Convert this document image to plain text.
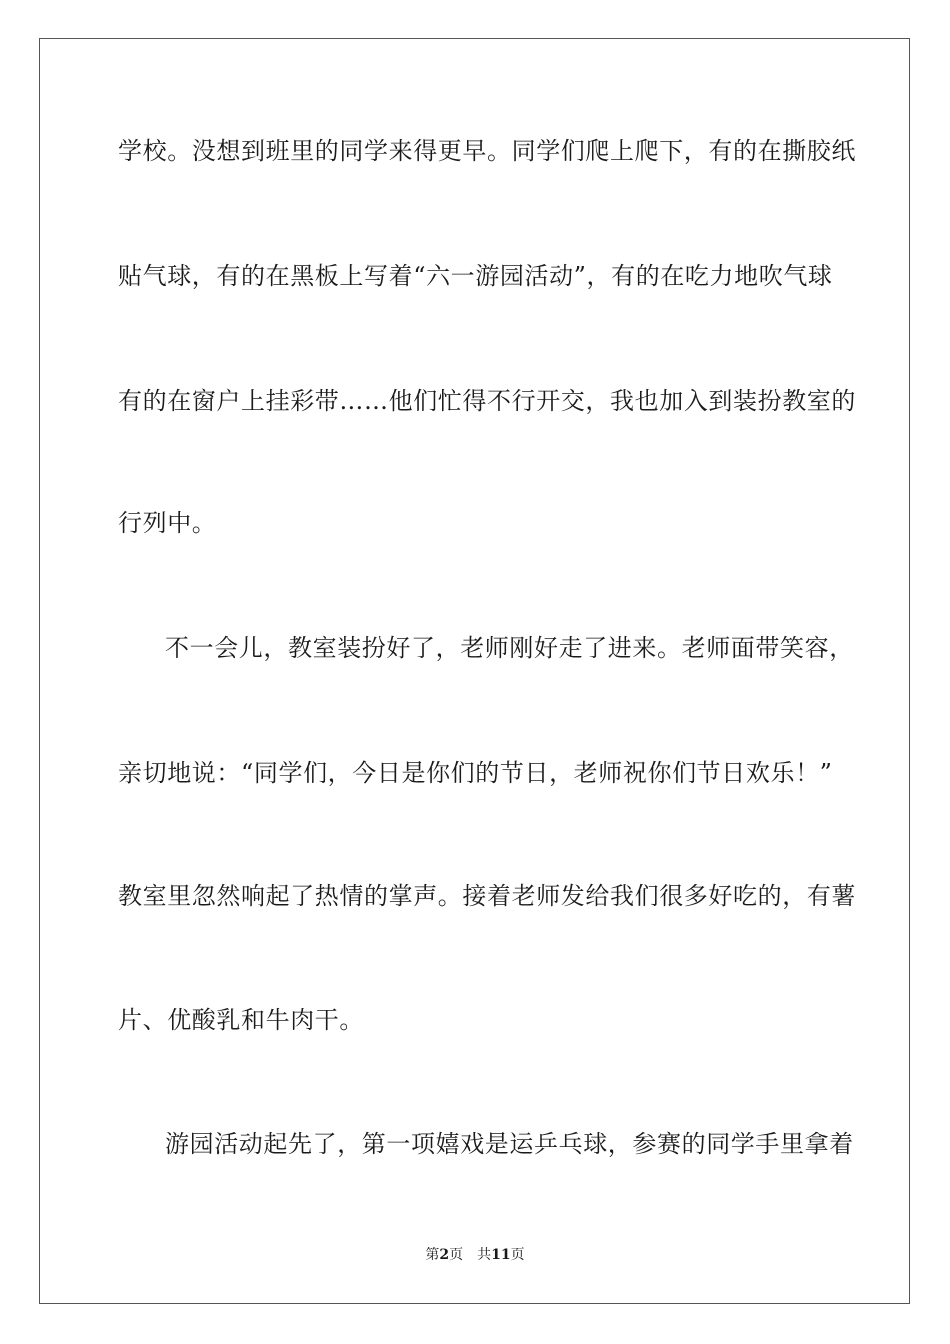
学校。没想到班里的同学来得更早。同学们爬上爬下，有的在撕胶纸
贴气球，有的在黑板上写着“六一游园活动”，有的在吃力地吹气球
有的在窗户上挂彩带……他们忙得不行开交，我也加入到装扮教室的
行列中。
不一会儿，教室装扮好了，老师刚好走了进来。老师面带笑容，
亲切地说：“同学们，今日是你们的节日，老师祝你们节日欢乐！”
教室里忽然响起了热情的掌声。接着老师发给我们很多好吃的，有薯
片、优酸乳和牛肉干。
游园活动起先了，第一项嬉戏是运乒乓球，参赛的同学手里拿着
第2页 共11页
